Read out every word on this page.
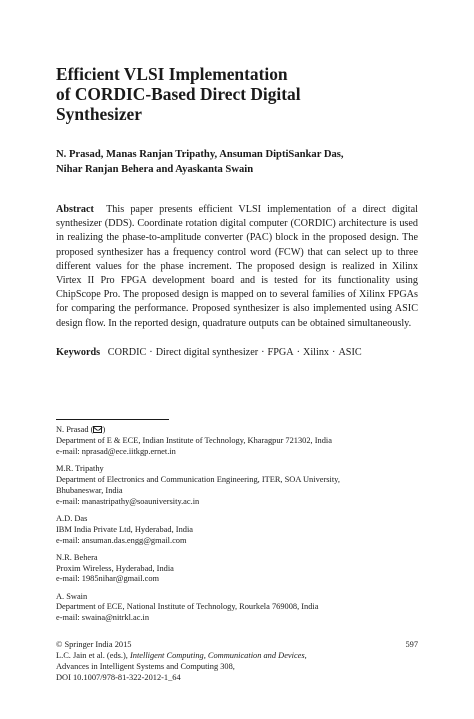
Efficient VLSI Implementation
of CORDIC-Based Direct Digital
Synthesizer
N. Prasad, Manas Ranjan Tripathy, Ansuman DiptiSankar Das,
Nihar Ranjan Behera and Ayaskanta Swain

Abstract This paper presents efficient VLSI implementation of a direct digital synthesizer (DDS). Coordinate rotation digital computer (CORDIC) architecture is used in realizing the phase-to-amplitude converter (PAC) block in the proposed design. The proposed synthesizer has a frequency control word (FCW) that can select up to three different values for the phase increment. The proposed design is realized in Xilinx Virtex II Pro FPGA development board and is tested for its functionality using ChipScope Pro. The proposed design is mapped on to several families of Xilinx FPGAs for comparing the performance. Proposed synthesizer is also implemented using ASIC design flow. In the reported design, quadrature outputs can be obtained simultaneously.

Keywords CORDIC · Direct digital synthesizer · FPGA · Xilinx · ASIC
N. Prasad ( )
Department of E & ECE, Indian Institute of Technology, Kharagpur 721302, India
e-mail: nprasad@ece.iitkgp.ernet.in
M.R. Tripathy
Department of Electronics and Communication Engineering, ITER, SOA University,
Bhubaneswar, India
e-mail: manastripathy@soauniversity.ac.in
A.D. Das
IBM India Private Ltd, Hyderabad, India
e-mail: ansuman.das.engg@gmail.com
N.R. Behera
Proxim Wireless, Hyderabad, India
e-mail: 1985nihar@gmail.com
A. Swain
Department of ECE, National Institute of Technology, Rourkela 769008, India
e-mail: swaina@nitrkl.ac.in
597
© Springer India 2015
L.C. Jain et al. (eds.), Intelligent Computing, Communication and Devices,
Advances in Intelligent Systems and Computing 308,
DOI 10.1007/978-81-322-2012-1_64
